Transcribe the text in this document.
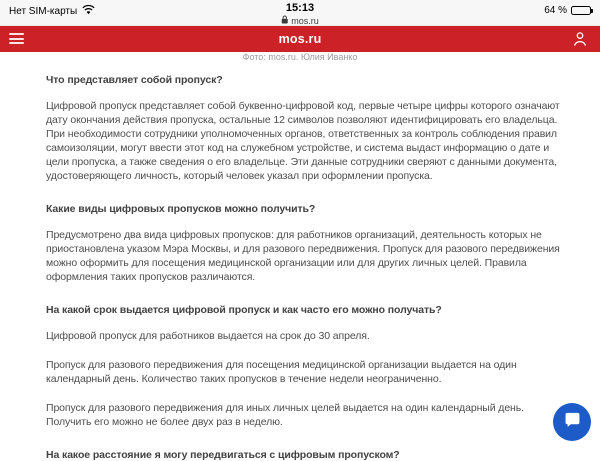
Нет SIM-карты	15:13
mos.ru
64 %
mos.ru
Фото: mos.ru. Юлия Иванко
Что представляет собой пропуск?

Цифровой пропуск представляет собой буквенно-цифровой код, первые четыре цифры которого означают дату окончания действия пропуска, остальные 12 символов позволяют идентифицировать его владельца. При необходимости сотрудники уполномоченных органов, ответственных за контроль соблюдения правил самоизоляции, могут ввести этот код на служебном устройстве, и система выдаст информацию о дате и цели пропуска, а также сведения о его владельце. Эти данные сотрудники сверяют с данными документа, удостоверяющего личность, который человек указал при оформлении пропуска.

Какие виды цифровых пропусков можно получить?

Предусмотрено два вида цифровых пропусков: для работников организаций, деятельность которых не приостановлена указом Мэра Москвы, и для разового передвижения. Пропуск для разового передвижения можно оформить для посещения медицинской организации или для других личных целей. Правила оформления таких пропусков различаются.

На какой срок выдается цифровой пропуск и как часто его можно получать?

Цифровой пропуск для работников выдается на срок до 30 апреля.

Пропуск для разового передвижения для посещения медицинской организации выдается на один календарный день. Количество таких пропусков в течение недели неограниченно.

Пропуск для разового передвижения для иных личных целей выдается на один календарный день. Получить его можно не более двух раз в неделю.

На какое расстояние я могу передвигаться с цифровым пропуском?
